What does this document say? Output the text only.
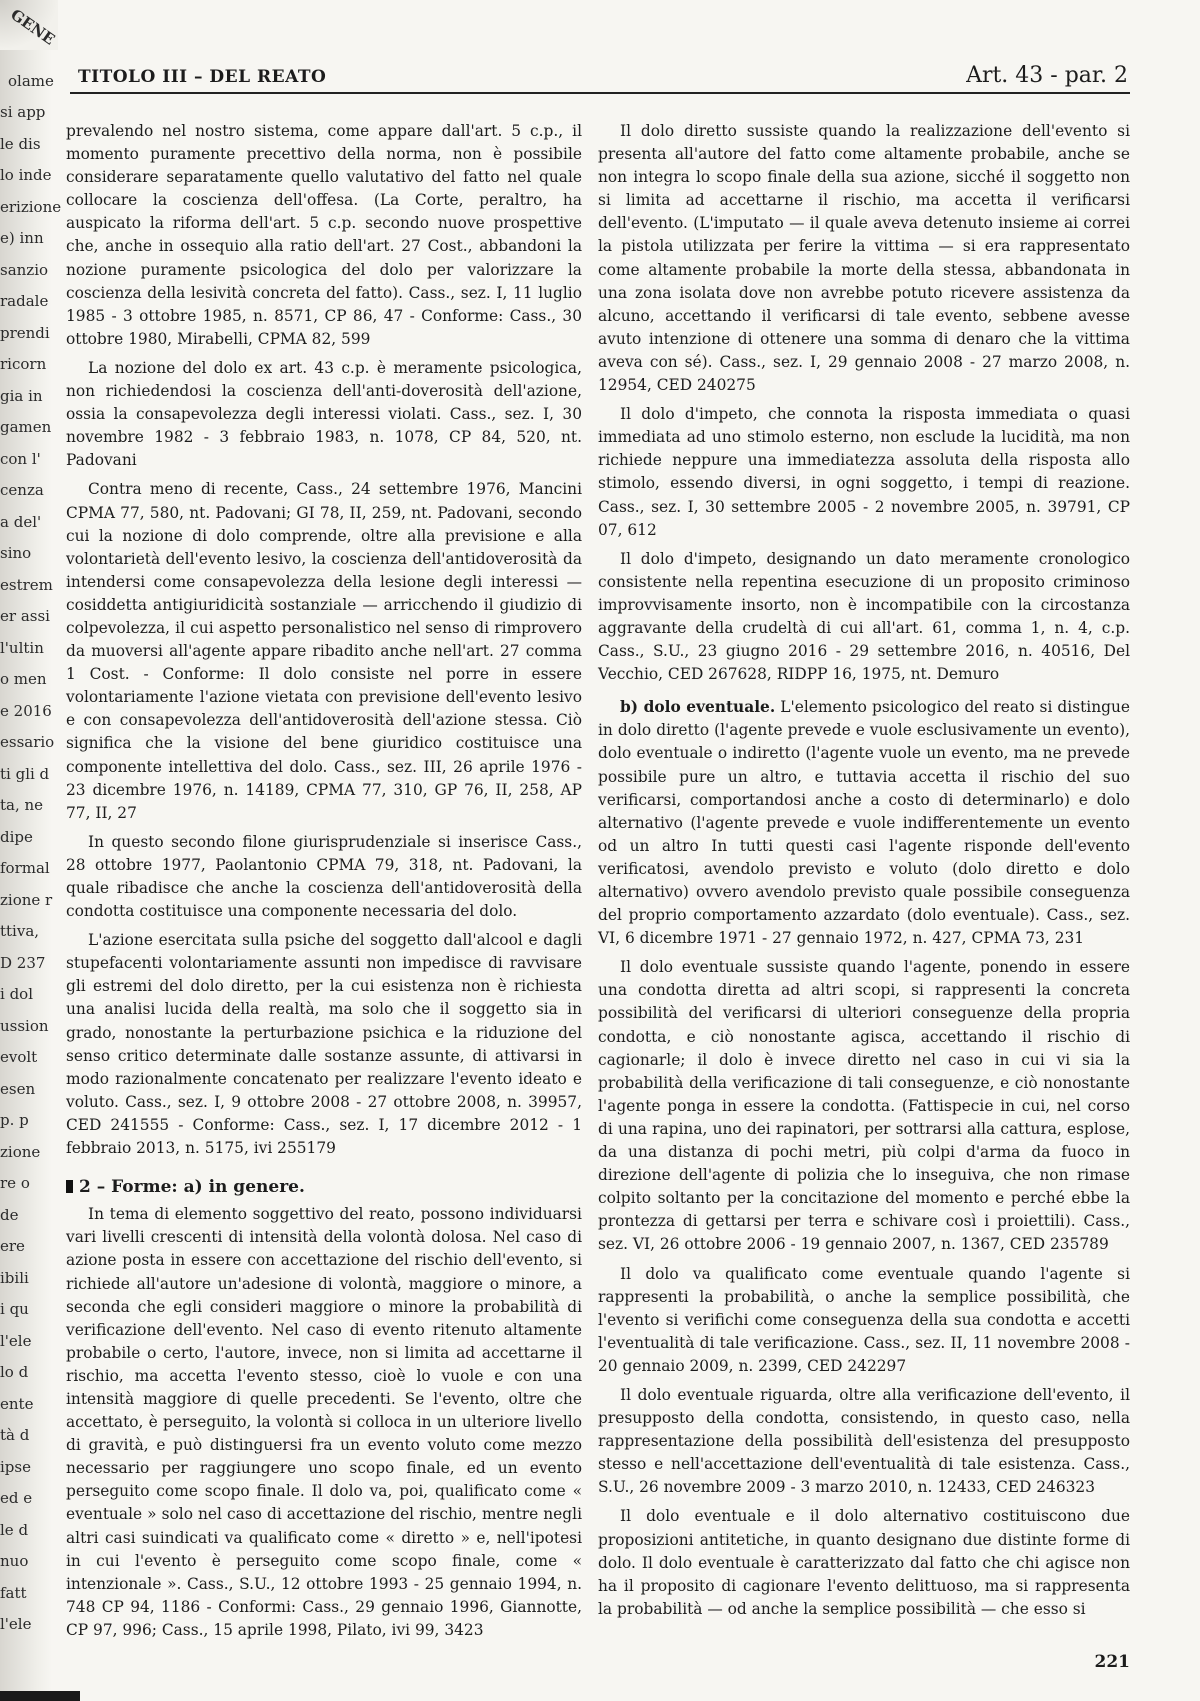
GENE
olame
si app
le dis
lo inde
erizione
e) inn
sanzio
radale
prendi
ricorn
gia in
gamen
con l'
cenza
a del'
sino
estrem
er assi
l'ultin
o men
e 2016
essario
ti gli d
ta, ne
dipe
formal
zione r
ttiva,
D 237
i dol
ussion
evolt
esen
p. p
zione
re o
de
ere
ibili
i qu
l'ele
lo d
ente
tà d
ipse
ed e
le d
nuo
fatt
l'ele
TITOLO III – DEL REATO	Art. 43 - par. 2

prevalendo nel nostro sistema, come appare dall'art. 5 c.p., il momento puramente precettivo della norma, non è possibile considerare separatamente quello valutativo del fatto nel quale collocare la coscienza dell'offesa. (La Corte, peraltro, ha auspicato la riforma dell'art. 5 c.p. secondo nuove prospettive che, anche in ossequio alla ratio dell'art. 27 Cost., abbandoni la nozione puramente psicologica del dolo per valorizzare la coscienza della lesività concreta del fatto). Cass., sez. I, 11 luglio 1985 - 3 ottobre 1985, n. 8571, CP 86, 47 - Conforme: Cass., 30 ottobre 1980, Mirabelli, CPMA 82, 599

La nozione del dolo ex art. 43 c.p. è meramente psicologica, non richiedendosi la coscienza dell'anti-doverosità dell'azione, ossia la consapevolezza degli interessi violati. Cass., sez. I, 30 novembre 1982 - 3 febbraio 1983, n. 1078, CP 84, 520, nt. Padovani

Contra meno di recente, Cass., 24 settembre 1976, Mancini CPMA 77, 580, nt. Padovani; GI 78, II, 259, nt. Padovani, secondo cui la nozione di dolo comprende, oltre alla previsione e alla volontarietà dell'evento lesivo, la coscienza dell'antidoverosità da intendersi come consapevolezza della lesione degli interessi — cosiddetta antigiuridicità sostanziale — arricchendo il giudizio di colpevolezza, il cui aspetto personalistico nel senso di rimprovero da muoversi all'agente appare ribadito anche nell'art. 27 comma 1 Cost. - Conforme: Il dolo consiste nel porre in essere volontariamente l'azione vietata con previsione dell'evento lesivo e con consapevolezza dell'antidoverosità dell'azione stessa. Ciò significa che la visione del bene giuridico costituisce una componente intellettiva del dolo. Cass., sez. III, 26 aprile 1976 - 23 dicembre 1976, n. 14189, CPMA 77, 310, GP 76, II, 258, AP 77, II, 27

In questo secondo filone giurisprudenziale si inserisce Cass., 28 ottobre 1977, Paolantonio CPMA 79, 318, nt. Padovani, la quale ribadisce che anche la coscienza dell'antidoverosità della condotta costituisce una componente necessaria del dolo.

L'azione esercitata sulla psiche del soggetto dall'alcool e dagli stupefacenti volontariamente assunti non impedisce di ravvisare gli estremi del dolo diretto, per la cui esistenza non è richiesta una analisi lucida della realtà, ma solo che il soggetto sia in grado, nonostante la perturbazione psichica e la riduzione del senso critico determinate dalle sostanze assunte, di attivarsi in modo razionalmente concatenato per realizzare l'evento ideato e voluto. Cass., sez. I, 9 ottobre 2008 - 27 ottobre 2008, n. 39957, CED 241555 - Conforme: Cass., sez. I, 17 dicembre 2012 - 1 febbraio 2013, n. 5175, ivi 255179

2 – Forme: a) in genere.

In tema di elemento soggettivo del reato, possono individuarsi vari livelli crescenti di intensità della volontà dolosa. Nel caso di azione posta in essere con accettazione del rischio dell'evento, si richiede all'autore un'adesione di volontà, maggiore o minore, a seconda che egli consideri maggiore o minore la probabilità di verificazione dell'evento. Nel caso di evento ritenuto altamente probabile o certo, l'autore, invece, non si limita ad accettarne il rischio, ma accetta l'evento stesso, cioè lo vuole e con una intensità maggiore di quelle precedenti. Se l'evento, oltre che accettato, è perseguito, la volontà si colloca in un ulteriore livello di gravità, e può distinguersi fra un evento voluto come mezzo necessario per raggiungere uno scopo finale, ed un evento perseguito come scopo finale. Il dolo va, poi, qualificato come « eventuale » solo nel caso di accettazione del rischio, mentre negli altri casi suindicati va qualificato come « diretto » e, nell'ipotesi in cui l'evento è perseguito come scopo finale, come « intenzionale ». Cass., S.U., 12 ottobre 1993 - 25 gennaio 1994, n. 748 CP 94, 1186 - Conformi: Cass., 29 gennaio 1996, Giannotte, CP 97, 996; Cass., 15 aprile 1998, Pilato, ivi 99, 3423

Il dolo diretto sussiste quando la realizzazione dell'evento si presenta all'autore del fatto come altamente probabile, anche se non integra lo scopo finale della sua azione, sicché il soggetto non si limita ad accettarne il rischio, ma accetta il verificarsi dell'evento. (L'imputato — il quale aveva detenuto insieme ai correi la pistola utilizzata per ferire la vittima — si era rappresentato come altamente probabile la morte della stessa, abbandonata in una zona isolata dove non avrebbe potuto ricevere assistenza da alcuno, accettando il verificarsi di tale evento, sebbene avesse avuto intenzione di ottenere una somma di denaro che la vittima aveva con sé). Cass., sez. I, 29 gennaio 2008 - 27 marzo 2008, n. 12954, CED 240275

Il dolo d'impeto, che connota la risposta immediata o quasi immediata ad uno stimolo esterno, non esclude la lucidità, ma non richiede neppure una immediatezza assoluta della risposta allo stimolo, essendo diversi, in ogni soggetto, i tempi di reazione. Cass., sez. I, 30 settembre 2005 - 2 novembre 2005, n. 39791, CP 07, 612

Il dolo d'impeto, designando un dato meramente cronologico consistente nella repentina esecuzione di un proposito criminoso improvvisamente insorto, non è incompatibile con la circostanza aggravante della crudeltà di cui all'art. 61, comma 1, n. 4, c.p. Cass., S.U., 23 giugno 2016 - 29 settembre 2016, n. 40516, Del Vecchio, CED 267628, RIDPP 16, 1975, nt. Demuro

b) dolo eventuale. L'elemento psicologico del reato si distingue in dolo diretto (l'agente prevede e vuole esclusivamente un evento), dolo eventuale o indiretto (l'agente vuole un evento, ma ne prevede possibile pure un altro, e tuttavia accetta il rischio del suo verificarsi, comportandosi anche a costo di determinarlo) e dolo alternativo (l'agente prevede e vuole indifferentemente un evento od un altro In tutti questi casi l'agente risponde dell'evento verificatosi, avendolo previsto e voluto (dolo diretto e dolo alternativo) ovvero avendolo previsto quale possibile conseguenza del proprio comportamento azzardato (dolo eventuale). Cass., sez. VI, 6 dicembre 1971 - 27 gennaio 1972, n. 427, CPMA 73, 231

Il dolo eventuale sussiste quando l'agente, ponendo in essere una condotta diretta ad altri scopi, si rappresenti la concreta possibilità del verificarsi di ulteriori conseguenze della propria condotta, e ciò nonostante agisca, accettando il rischio di cagionarle; il dolo è invece diretto nel caso in cui vi sia la probabilità della verificazione di tali conseguenze, e ciò nonostante l'agente ponga in essere la condotta. (Fattispecie in cui, nel corso di una rapina, uno dei rapinatori, per sottrarsi alla cattura, esplose, da una distanza di pochi metri, più colpi d'arma da fuoco in direzione dell'agente di polizia che lo inseguiva, che non rimase colpito soltanto per la concitazione del momento e perché ebbe la prontezza di gettarsi per terra e schivare così i proiettili). Cass., sez. VI, 26 ottobre 2006 - 19 gennaio 2007, n. 1367, CED 235789

Il dolo va qualificato come eventuale quando l'agente si rappresenti la probabilità, o anche la semplice possibilità, che l'evento si verifichi come conseguenza della sua condotta e accetti l'eventualità di tale verificazione. Cass., sez. II, 11 novembre 2008 - 20 gennaio 2009, n. 2399, CED 242297

Il dolo eventuale riguarda, oltre alla verificazione dell'evento, il presupposto della condotta, consistendo, in questo caso, nella rappresentazione della possibilità dell'esistenza del presupposto stesso e nell'accettazione dell'eventualità di tale esistenza. Cass., S.U., 26 novembre 2009 - 3 marzo 2010, n. 12433, CED 246323

Il dolo eventuale e il dolo alternativo costituiscono due proposizioni antitetiche, in quanto designano due distinte forme di dolo. Il dolo eventuale è caratterizzato dal fatto che chi agisce non ha il proposito di cagionare l'evento delittuoso, ma si rappresenta la probabilità — od anche la semplice possibilità — che esso si

221
